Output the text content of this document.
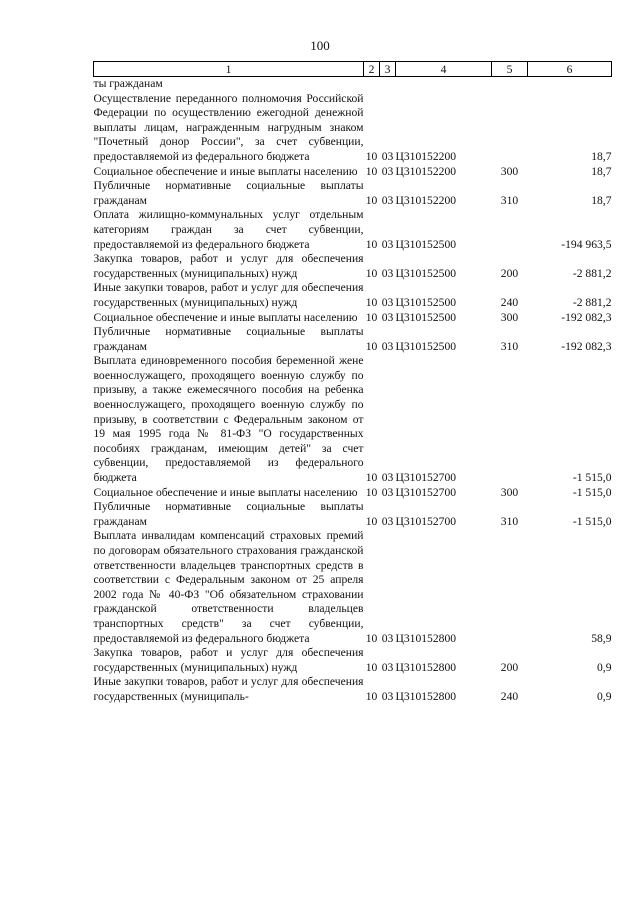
100
1	2	3	4	5	6
ты гражданам					
Осуществление переданного полномочия Российской Федерации по осуществлению ежегодной денежной выплаты лицам, награжденным нагрудным знаком "Почетный донор России", за счет субвенции, предоставляемой из федерального бюджета	10	03	Ц310152200		18,7
Социальное обеспечение и иные выплаты населению	10	03	Ц310152200	300	18,7
Публичные нормативные социальные выплаты гражданам	10	03	Ц310152200	310	18,7
Оплата жилищно-коммунальных услуг отдельным категориям граждан за счет субвенции, предоставляемой из федерального бюджета	10	03	Ц310152500		-194 963,5
Закупка товаров, работ и услуг для обеспечения государственных (муниципальных) нужд	10	03	Ц310152500	200	-2 881,2
Иные закупки товаров, работ и услуг для обеспечения государственных (муниципальных) нужд	10	03	Ц310152500	240	-2 881,2
Социальное обеспечение и иные выплаты населению	10	03	Ц310152500	300	-192 082,3
Публичные нормативные социальные выплаты гражданам	10	03	Ц310152500	310	-192 082,3
Выплата единовременного пособия беременной жене военнослужащего, проходящего военную службу по призыву, а также ежемесячного пособия на ребенка военнослужащего, проходящего военную службу по призыву, в соответствии с Федеральным законом от 19 мая 1995 года № 81-ФЗ "О государственных пособиях гражданам, имеющим детей" за счет субвенции, предоставляемой из федерального бюджета	10	03	Ц310152700		-1 515,0
Социальное обеспечение и иные выплаты населению	10	03	Ц310152700	300	-1 515,0
Публичные нормативные социальные выплаты гражданам	10	03	Ц310152700	310	-1 515,0
Выплата инвалидам компенсаций страховых премий по договорам обязательного страхования гражданской ответственности владельцев транспортных средств в соответствии с Федеральным законом от 25 апреля 2002 года № 40-ФЗ "Об обязательном страховании гражданской ответственности владельцев транспортных средств" за счет субвенции, предоставляемой из федерального бюджета	10	03	Ц310152800		58,9
Закупка товаров, работ и услуг для обеспечения государственных (муниципальных) нужд	10	03	Ц310152800	200	0,9
Иные закупки товаров, работ и услуг для обеспечения государственных (муниципаль-	10	03	Ц310152800	240	0,9
